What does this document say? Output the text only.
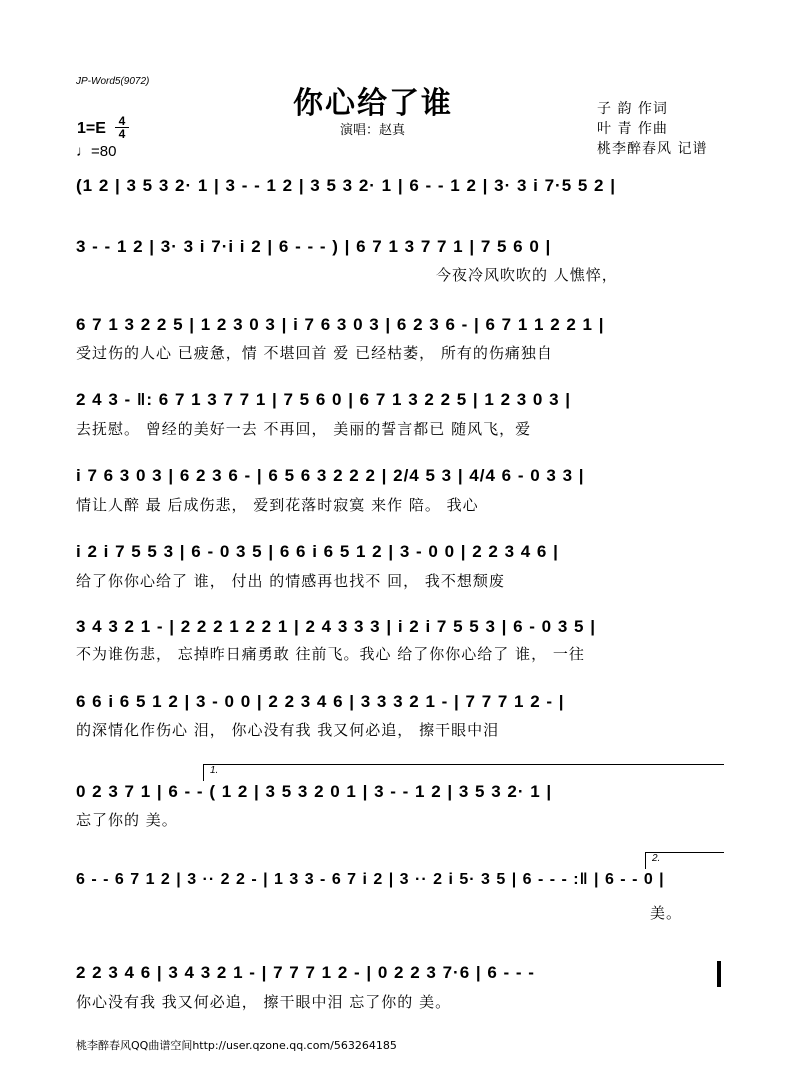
JP-Word5(9072)
你心给了谁
演唱：赵真
子 韵 作词
叶 青 作曲
桃李醉春风 记谱
1=E	4
4
♩=80
(1 2 | 3 5 3 2· 1 | 3 - - 1 2 | 3 5 3 2· 1 | 6 - - 1 2 | 3· 3 i 7·5 5 2 |
3 - - 1 2 | 3· 3 i 7·i i 2 | 6 - - - ) | 6 7 1 3 7 7 1 | 7 5 6 0 |
今夜冷风吹吹的 人憔悴，
6 7 1 3 2 2 5 | 1 2 3 0 3 | i 7 6 3 0 3 | 6 2 3 6 - | 6 7 1 1 2 2 1 |
受过伤的人心 已疲惫，情 不堪回首 爱 已经枯萎， 所有的伤痛独自
2 4 3 - ‖: 6 7 1 3 7 7 1 | 7 5 6 0 | 6 7 1 3 2 2 5 | 1 2 3 0 3 |
去抚慰。 曾经的美好一去 不再回， 美丽的誓言都已 随风飞，爱
i 7 6 3 0 3 | 6 2 3 6 - | 6 5 6 3 2 2 2 | 2/4 5 3 | 4/4 6 - 0 3 3 |
情让人醉 最 后成伤悲， 爱到花落时寂寞 来作 陪。 我心
i 2 i 7 5 5 3 | 6 - 0 3 5 | 6 6 i 6 5 1 2 | 3 - 0 0 | 2 2 3 4 6 |
给了你你心给了 谁， 付出 的情感再也找不 回， 我不想颓废
3 4 3 2 1 - | 2 2 2 1 2 2 1 | 2 4 3 3 3 | i 2 i 7 5 5 3 | 6 - 0 3 5 |
不为谁伤悲， 忘掉昨日痛勇敢 往前飞。我心 给了你你心给了 谁， 一往
6 6 i 6 5 1 2 | 3 - 0 0 | 2 2 3 4 6 | 3 3 3 2 1 - | 7 7 7 1 2 - |
的深情化作伤心 泪， 你心没有我 我又何必追， 擦干眼中泪
1.
0 2 3 7 1 | 6 - - ( 1 2 | 3 5 3 2 0 1 | 3 - - 1 2 | 3 5 3 2· 1 |
忘了你的 美。
2.
6 - - 6 7 1 2 | 3 ·· 2 2 - | 1 3 3 - 6 7 i 2 | 3 ·· 2 i 5· 3 5 | 6 - - - :‖ | 6 - - 0 |
美。
2 2 3 4 6 | 3 4 3 2 1 - | 7 7 7 1 2 - | 0 2 2 3 7·6 | 6 - - -
你心没有我 我又何必追， 擦干眼中泪 忘了你的 美。
桃李醉春风QQ曲谱空间http://user.qzone.qq.com/563264185
